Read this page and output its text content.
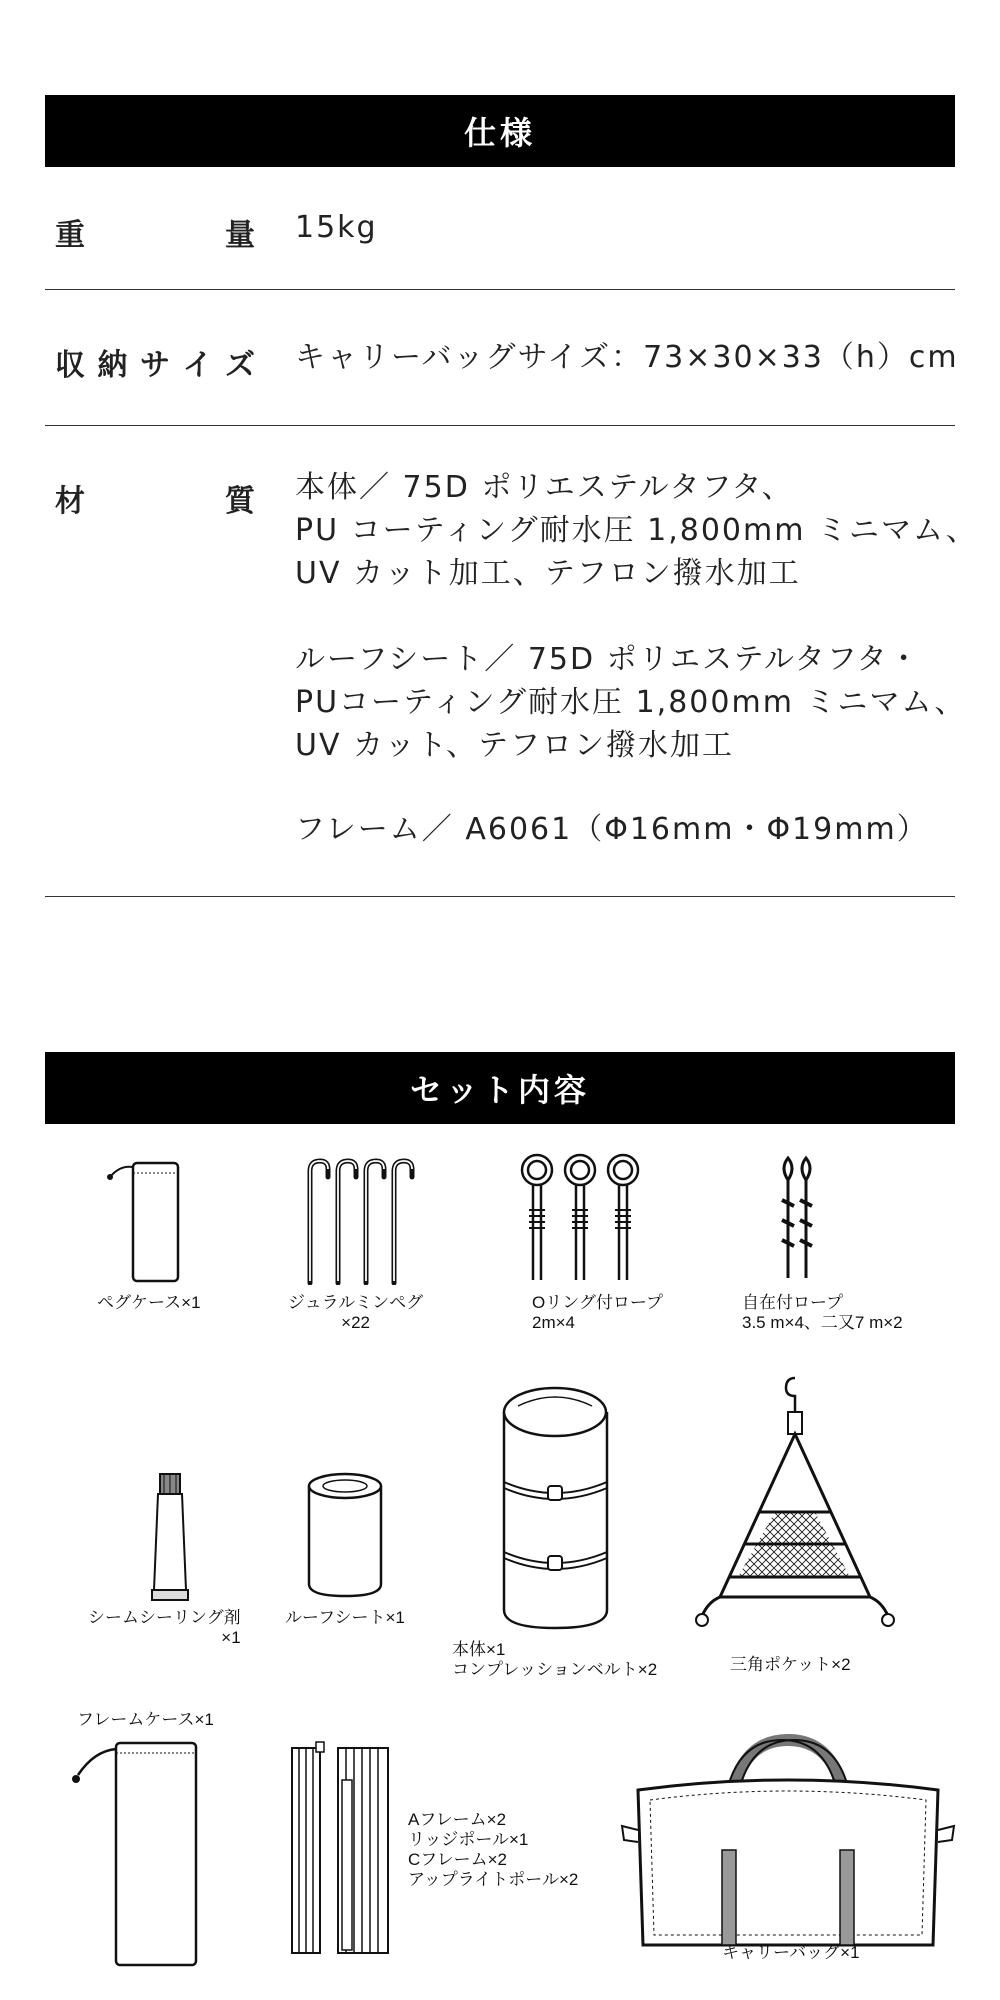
仕様
重	量 15kg
収 納 サ イ ズ キャリーバッグサイズ：73×30×33（h）cm
材	質 本体／ 75D ポリエステルタフタ、
PU コーティング耐水圧 1,800mm ミニマム、
UV カット加工、テフロン撥水加工
ルーフシート／ 75D ポリエステルタフタ・
PUコーティング耐水圧 1,800mm ミニマム、
UV カット、テフロン撥水加工
フレーム／ A6061（Φ16mm・Φ19mm）
セット内容
ペグケース×1	ジュラルミンペグ
×22
Oリング付ロープ
2m×4
自在付ロープ
3.5 m×4、二又7 m×2
シームシーリング剤
×1
ルーフシート×1
本体×1
コンプレッションベルト×2	三角ポケット×2
フレームケース×1
Aフレーム×2
リッジポール×1
Cフレーム×2
アップライトポール×2
キャリーバッグ×1
